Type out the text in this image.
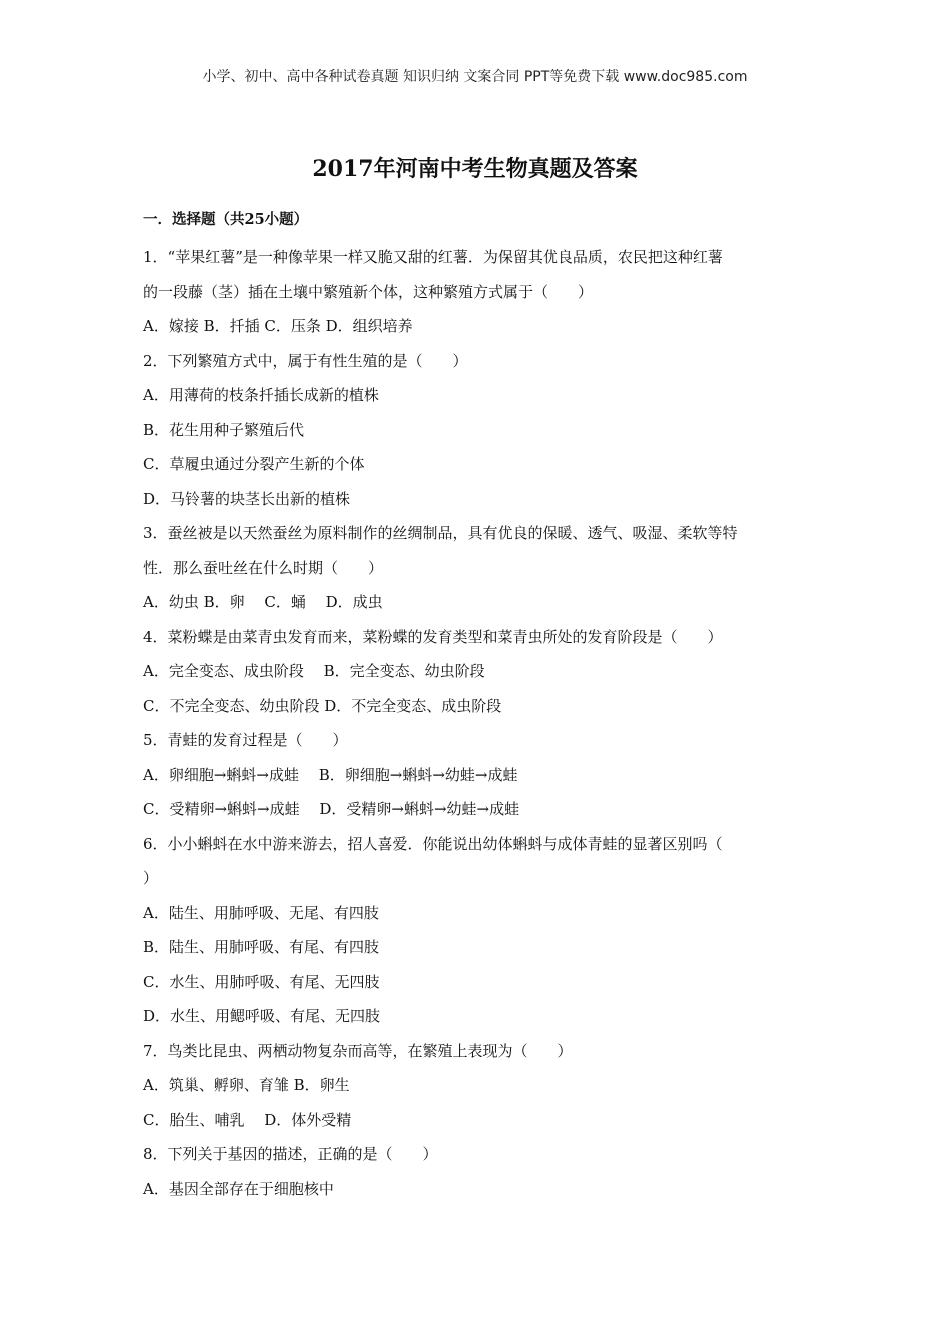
小学、初中、高中各种试卷真题 知识归纳 文案合同 PPT等免费下载 www.doc985.com
2017年河南中考生物真题及答案
一．选择题（共25小题）
1．“苹果红薯”是一种像苹果一样又脆又甜的红薯．为保留其优良品质，农民把这种红薯
的一段藤（茎）插在土壤中繁殖新个体，这种繁殖方式属于（　　）
A．嫁接 B．扦插 C．压条 D．组织培养
2．下列繁殖方式中，属于有性生殖的是（　　）
A．用薄荷的枝条扦插长成新的植株
B．花生用种子繁殖后代
C．草履虫通过分裂产生新的个体
D．马铃薯的块茎长出新的植株
3．蚕丝被是以天然蚕丝为原料制作的丝绸制品，具有优良的保暖、透气、吸湿、柔软等特
性．那么蚕吐丝在什么时期（　　）
A．幼虫 B．卵　 C．蛹　 D．成虫
4．菜粉蝶是由菜青虫发育而来，菜粉蝶的发育类型和菜青虫所处的发育阶段是（　　）
A．完全变态、成虫阶段　 B．完全变态、幼虫阶段
C．不完全变态、幼虫阶段 D．不完全变态、成虫阶段
5．青蛙的发育过程是（　　）
A．卵细胞→蝌蚪→成蛙　 B．卵细胞→蝌蚪→幼蛙→成蛙
C．受精卵→蝌蚪→成蛙　 D．受精卵→蝌蚪→幼蛙→成蛙
6．小小蝌蚪在水中游来游去，招人喜爱．你能说出幼体蝌蚪与成体青蛙的显著区别吗（
）
A．陆生、用肺呼吸、无尾、有四肢
B．陆生、用肺呼吸、有尾、有四肢
C．水生、用肺呼吸、有尾、无四肢
D．水生、用鳃呼吸、有尾、无四肢
7．鸟类比昆虫、两栖动物复杂而高等，在繁殖上表现为（　　）
A．筑巢、孵卵、育雏 B．卵生
C．胎生、哺乳　 D．体外受精
8．下列关于基因的描述，正确的是（　　）
A．基因全部存在于细胞核中
